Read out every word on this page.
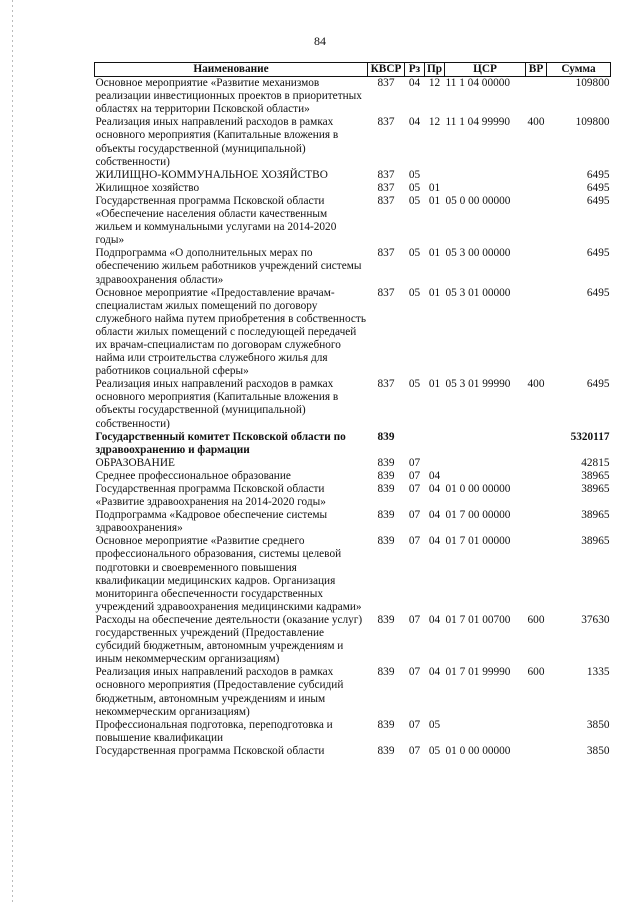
84
Наименование	КВСР	Рз	Пр	ЦСР	ВР	Сумма
Основное мероприятие «Развитие механизмов реализации инвестиционных проектов в приоритетных областях на территории Псковской области»	837	04	12	11 1 04 00000		109800
Реализация иных направлений расходов в рамках основного мероприятия (Капитальные вложения в объекты государственной (муниципальной) собственности)	837	04	12	11 1 04 99990	400	109800
ЖИЛИЩНО-КОММУНАЛЬНОЕ ХОЗЯЙСТВО	837	05				6495
Жилищное хозяйство	837	05	01			6495
Государственная программа Псковской области «Обеспечение населения области качественным жильем и коммунальными услугами на 2014-2020 годы»	837	05	01	05 0 00 00000		6495
Подпрограмма «О дополнительных мерах по обеспечению жильем работников учреждений системы здравоохранения области»	837	05	01	05 3 00 00000		6495
Основное мероприятие «Предоставление врачам-специалистам жилых помещений по договору служебного найма путем приобретения в собственность области жилых помещений с последующей передачей их врачам-специалистам по договорам служебного найма или строительства служебного жилья для работников социальной сферы»	837	05	01	05 3 01 00000		6495
Реализация иных направлений расходов в рамках основного мероприятия (Капитальные вложения в объекты государственной (муниципальной) собственности)	837	05	01	05 3 01 99990	400	6495
Государственный комитет Псковской области по здравоохранению и фармации	839					5320117
ОБРАЗОВАНИЕ	839	07				42815
Среднее профессиональное образование	839	07	04			38965
Государственная программа Псковской области «Развитие здравоохранения на 2014-2020 годы»	839	07	04	01 0 00 00000		38965
Подпрограмма «Кадровое обеспечение системы здравоохранения»	839	07	04	01 7 00 00000		38965
Основное мероприятие «Развитие среднего профессионального образования, системы целевой подготовки и своевременного повышения квалификации медицинских кадров. Организация мониторинга обеспеченности государственных учреждений здравоохранения медицинскими кадрами»	839	07	04	01 7 01 00000		38965
Расходы на обеспечение деятельности (оказание услуг) государственных учреждений (Предоставление субсидий бюджетным, автономным учреждениям и иным некоммерческим организациям)	839	07	04	01 7 01 00700	600	37630
Реализация иных направлений расходов в рамках основного мероприятия (Предоставление субсидий бюджетным, автономным учреждениям и иным некоммерческим организациям)	839	07	04	01 7 01 99990	600	1335
Профессиональная подготовка, переподготовка и повышение квалификации	839	07	05			3850
Государственная программа Псковской области	839	07	05	01 0 00 00000		3850
